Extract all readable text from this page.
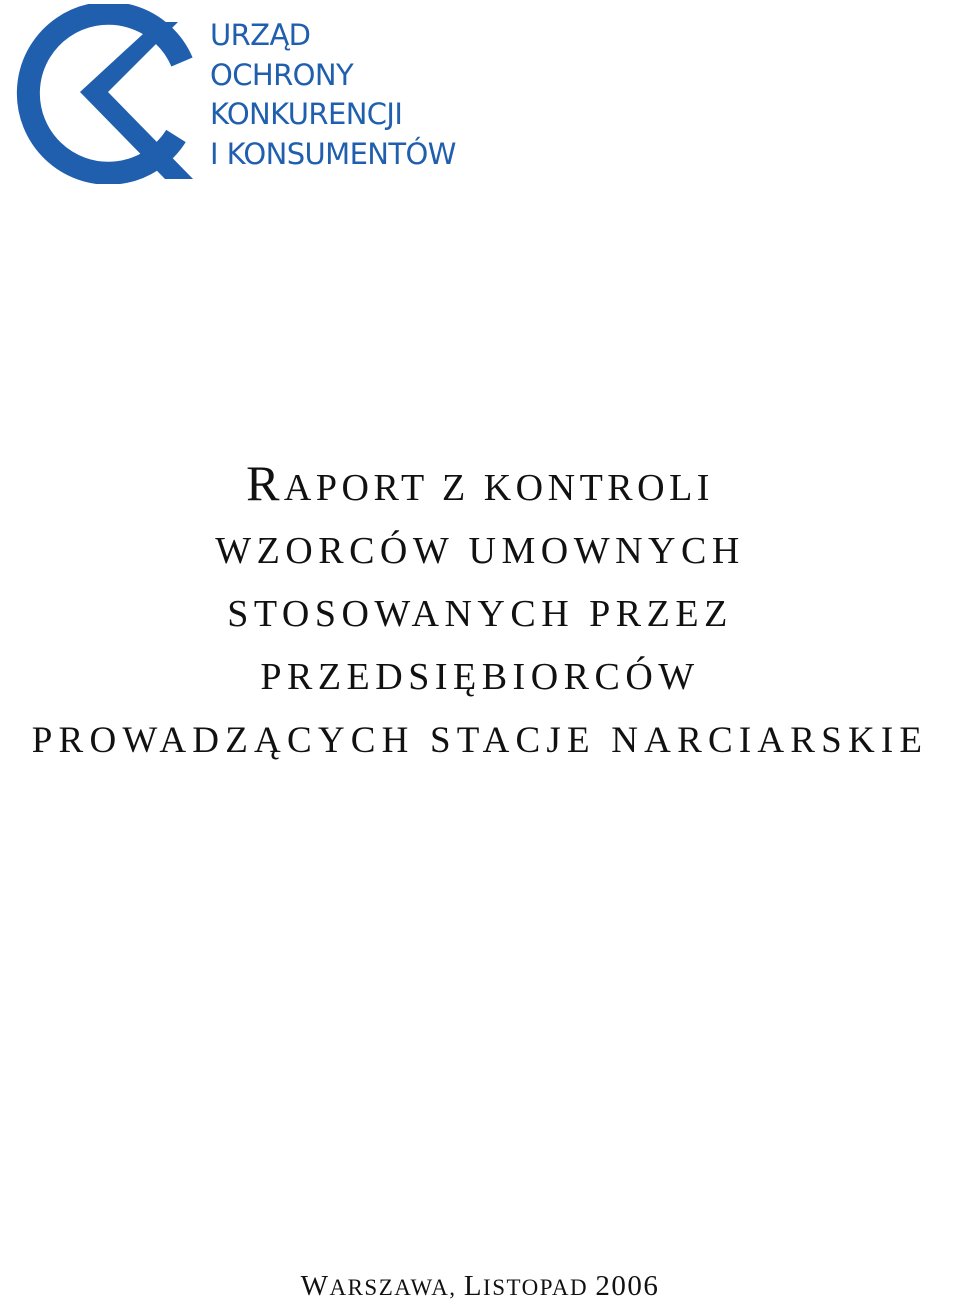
URZĄD
OCHRONY
KONKURENCJI
I KONSUMENTÓW
RAPORT Z KONTROLI
WZORCÓW UMOWNYCH
STOSOWANYCH PRZEZ
PRZEDSIĘBIORCÓW
PROWADZĄCYCH STACJE NARCIARSKIE
WARSZAWA, LISTOPAD 2006
